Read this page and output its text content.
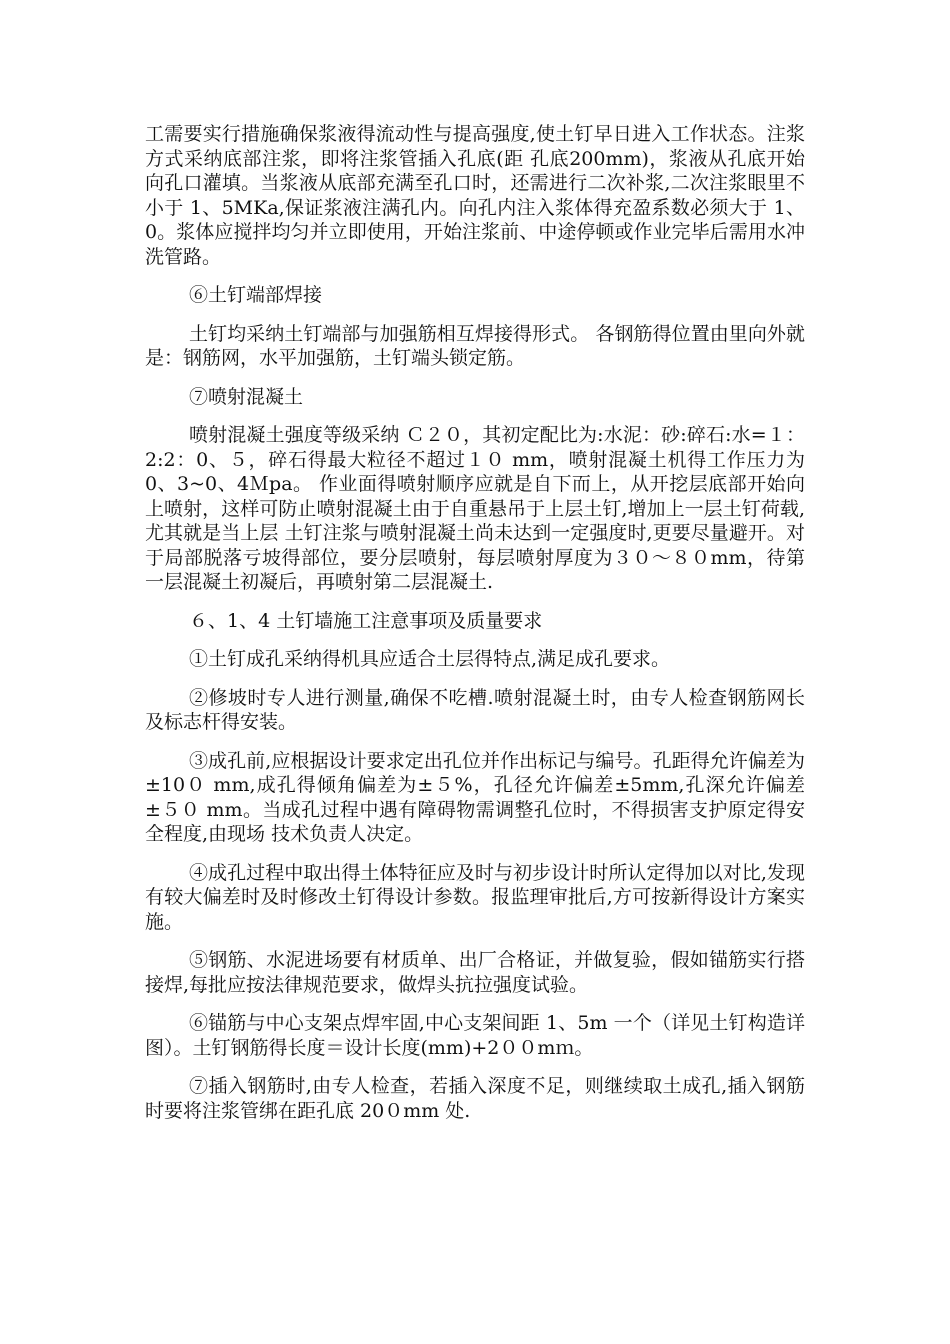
工需要实行措施确保浆液得流动性与提高强度,使土钉早日进入工作状态。注浆方式采纳底部注浆，即将注浆管插入孔底(距 孔底200mm)，浆液从孔底开始向孔口灌填。当浆液从底部充满至孔口时，还需进行二次补浆,二次注浆眼里不小于 1、5MKa,保证浆液注满孔内。向孔内注入浆体得充盈系数必须大于 1、0。浆体应搅拌均匀并立即使用，开始注浆前、中途停顿或作业完毕后需用水冲洗管路。

⑥土钉端部焊接

土钉均采纳土钉端部与加强筋相互焊接得形式。 各钢筋得位置由里向外就是：钢筋网，水平加强筋，土钉端头锁定筋。

⑦喷射混凝土

喷射混凝土强度等级采纳 Ｃ２０，其初定配比为:水泥：砂:碎石:水=１：2:2：0、５，碎石得最大粒径不超过１０ mm，喷射混凝土机得工作压力为0、3~0、4Ｍpa。 作业面得喷射顺序应就是自下而上，从开挖层底部开始向上喷射，这样可防止喷射混凝土由于自重悬吊于上层土钉,增加上一层土钉荷载,尤其就是当上层 土钉注浆与喷射混凝土尚未达到一定强度时,更要尽量避开。对于局部脱落亏坡得部位，要分层喷射，每层喷射厚度为３０～８０mm，待第一层混凝土初凝后，再喷射第二层混凝土.

６、1、4 土钉墙施工注意事项及质量要求

①土钉成孔采纳得机具应适合土层得特点,满足成孔要求。

②修坡时专人进行测量,确保不吃槽.喷射混凝土时，由专人检查钢筋网长及标志杆得安装。

③成孔前,应根据设计要求定出孔位并作出标记与编号。孔距得允许偏差为±10０ mm,成孔得倾角偏差为±５%，孔径允许偏差±5mm,孔深允许偏差±５０ mm。当成孔过程中遇有障碍物需调整孔位时，不得损害支护原定得安全程度,由现场 技术负责人决定。

④成孔过程中取出得土体特征应及时与初步设计时所认定得加以对比,发现有较大偏差时及时修改土钉得设计参数。报监理审批后,方可按新得设计方案实施。

⑤钢筋、水泥进场要有材质单、出厂合格证，并做复验，假如锚筋实行搭接焊,每批应按法律规范要求，做焊头抗拉强度试验。

⑥锚筋与中心支架点焊牢固,中心支架间距 1、5m 一个（详见土钉构造详图）。土钉钢筋得长度＝设计长度(mm)+2００mｍ。

⑦插入钢筋时,由专人检查，若插入深度不足，则继续取土成孔,插入钢筋时要将注浆管绑在距孔底 20０mm 处.
